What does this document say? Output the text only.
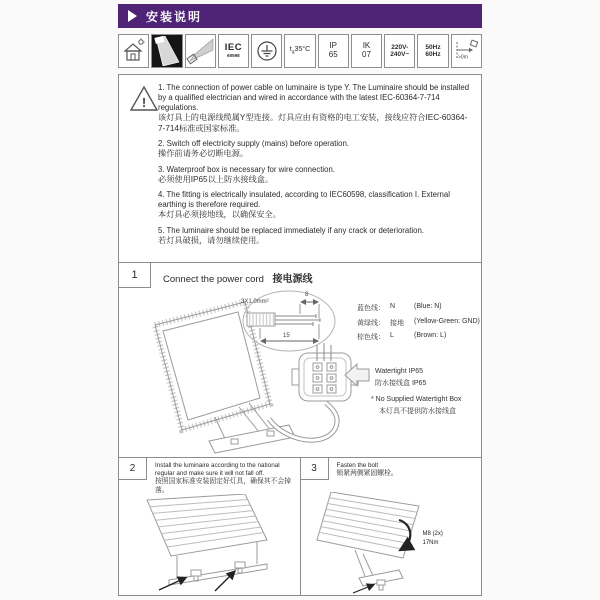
安装说明
IEC
60598
$t_a35^\circ C$ IP
65
IK
07
220V-
240V~
50Hz
60Hz	>0m
!
1. The connection of power cable on luminaire is type Y. The Luminaire should be installed by a qualified electrician and wired in accordance with the latest IEC-60364-7-714 regulations.
该灯具上的电源线缆属Y型连接。灯具应由有资格的电工安装，接线应符合IEC-60364-7-714标准或国家标准。
2. Switch off electricity supply (mains) before operation.
操作前请务必切断电源。
3. Waterproof box is necessary for wire connection.
必须使用IP65以上防水接线盒。
4. The fitting is electrically insulated, according to IEC60598, classification I. External earthing is therefore required.
本灯具必须接地线，以确保安全。
5. The luminaire should be replaced immediately if any crack or deterioration.
若灯具破损，请勿继续使用。
1	Connect the power cord 接电源线
3X1.0mm²
8
15
蓝色线： N	(Blue: N)
黄绿线： 接地	(Yellow-Green: GND)
棕色线： L	(Brown: L)
Watertight IP65
防水接线盒 IP65
* No Supplied Watertight Box
本灯具不提供防水接线盒
2	Install the luminaire according to the national regular and make sure it will not fall off.
按照国家标准安装固定好灯具，确保其不会掉落。
3	Fasten the bolt
锁紧两侧紧固螺栓。
M8 (2x)
17Nm
